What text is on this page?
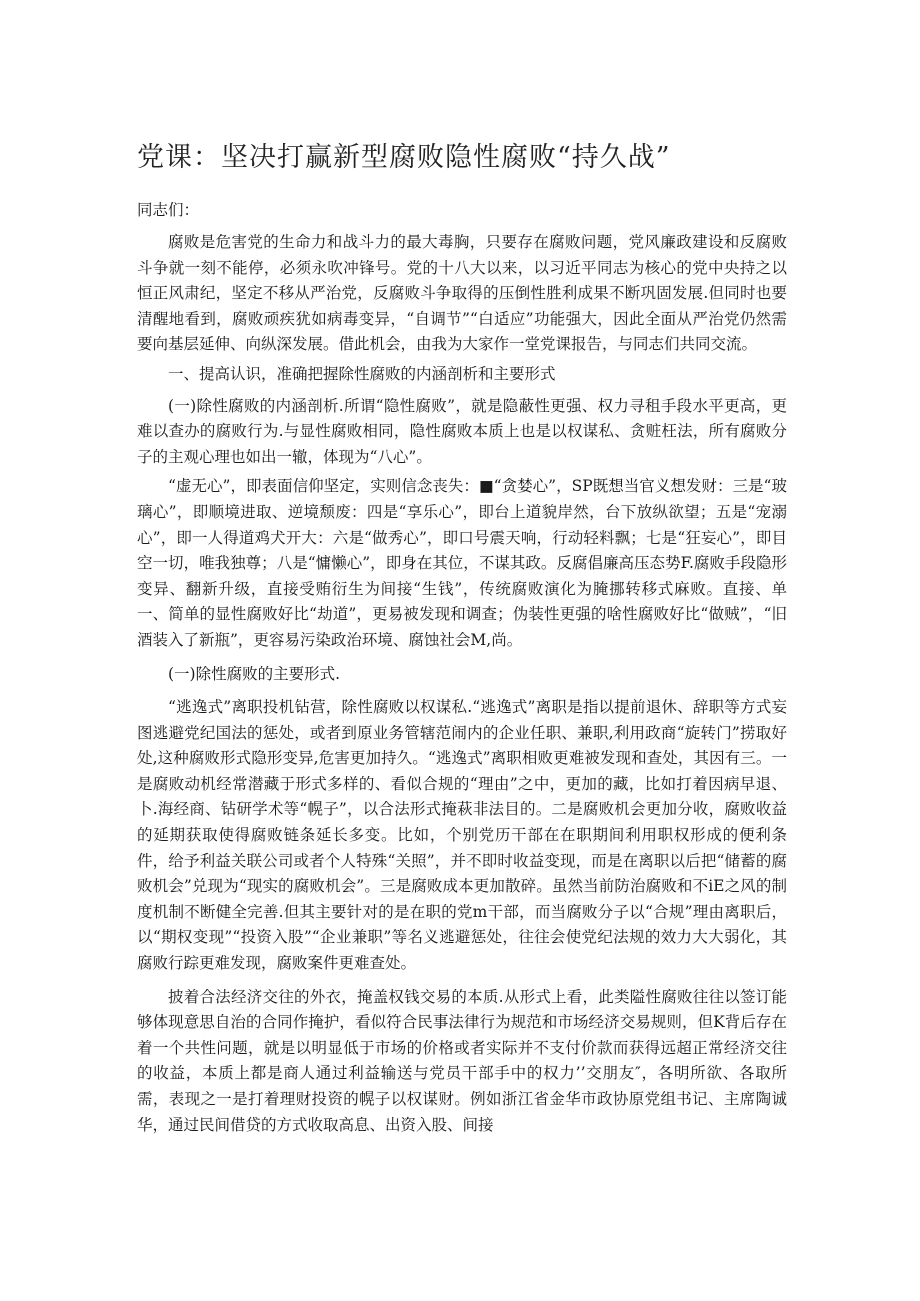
党课：坚决打赢新型腐败隐性腐败“持久战”
同志们：

腐败是危害党的生命力和战斗力的最大毒胸，只要存在腐败问题，党风廉政建设和反腐败斗争就一刻不能停，必须永吹冲锋号。党的十八大以来，以习近平同志为核心的党中央持之以恒正风肃纪，坚定不移从严治党，反腐败斗争取得的压倒性胜利成果不断巩固发展.但同时也要清醒地看到，腐败顽疾犹如病毒变异，“自调节”“白适应”功能强大，因此全面从严治党仍然需要向基层延伸、向纵深发展。借此机会，由我为大家作一堂党课报告，与同志们共同交流。

一、提高认识，准确把握除性腐败的内涵剖析和主要形式

(一)除性腐败的内涵剖析.所谓“隐性腐败”，就是隐蔽性更强、权力寻租手段水平更高，更难以查办的腐败行为.与显性腐败相同，隐性腐败本质上也是以权谋私、贪赃枉法，所有腐败分子的主观心理也如出一辙，体现为“八心”。

“虚无心”，即表面信仰坚定，实则信念丧失：■“贪婪心”，SP既想当官义想发财：三是“玻璃心”，即顺境进取、逆境颓废：四是“享乐心”，即台上道貌岸然，台下放纵欲望；五是“宠溺心”，即一人得道鸡犬开大：六是“做秀心”，即口号震天响，行动轻料飘；七是“狂妄心”，即目空一切，唯我独尊；八是“慵懒心”，即身在其位，不谋其政。反腐倡廉高压态势F.腐败手段隐形变异、翻新升级，直接受贿衍生为间接“生钱”，传统腐败演化为腌挪转移式麻败。直接、单一、简单的显性腐败好比“劫道”，更易被发现和调查；伪装性更强的啥性腐败好比“做贼”，“旧酒装入了新瓶”，更容易污染政治环境、腐蚀社会M,尚。

(一)除性腐败的主要形式.

“逃逸式”离职投机钻营，除性腐败以权谋私.“逃逸式”离职是指以提前退休、辞职等方式妄图逃避党纪国法的惩处，或者到原业务管辖范闹内的企业任职、兼职,利用政商“旋转门”捞取好处,这种腐败形式隐形变异,危害更加持久。“逃逸式”离职相败更难被发现和查处，其因有三。一是腐败动机经常潜藏于形式多样的、看似合规的“理由”之中，更加的藏，比如打着因病早退、卜.海经商、钻研学术等“幌子”，以合法形式掩萩非法目的。二是腐败机会更加分收，腐败收益的延期获取使得腐败链条延长多变。比如，个别党历干部在在职期间利用职权形成的便利条件，给予利益关联公司或者个人特殊“关照”，并不即时收益变现，而是在离职以后把“储蓄的腐败机会”兑现为“现实的腐败机会”。三是腐败成本更加散碎。虽然当前防治腐败和不iE之风的制度机制不断健全完善.但其主要针对的是在职的党m干部，而当腐败分子以“合规”理由离职后，以“期权变现”“投资入股”“企业兼职”等名义逃避惩处，往往会使党纪法规的效力大大弱化，其腐败行踪更难发现，腐败案件更难查处。

披着合法经济交往的外衣，掩盖权钱交易的本质.从形式上看，此类隘性腐败往往以签订能够体现意思自治的合同作掩护，看似符合民事法律行为规范和市场经济交易规则，但K背后存在着一个共性问题，就是以明显低于市场的价格或者实际并不支付价款而获得远超正常经济交往的收益，本质上都是商人通过利益输送与党员干部手中的权力’’交朋友″，各明所欲、各取所需，表现之一是打着理财投资的幌子以权谋财。例如浙江省金华市政协原党组书记、主席陶诚华，通过民间借贷的方式收取高息、出资入股、间接
